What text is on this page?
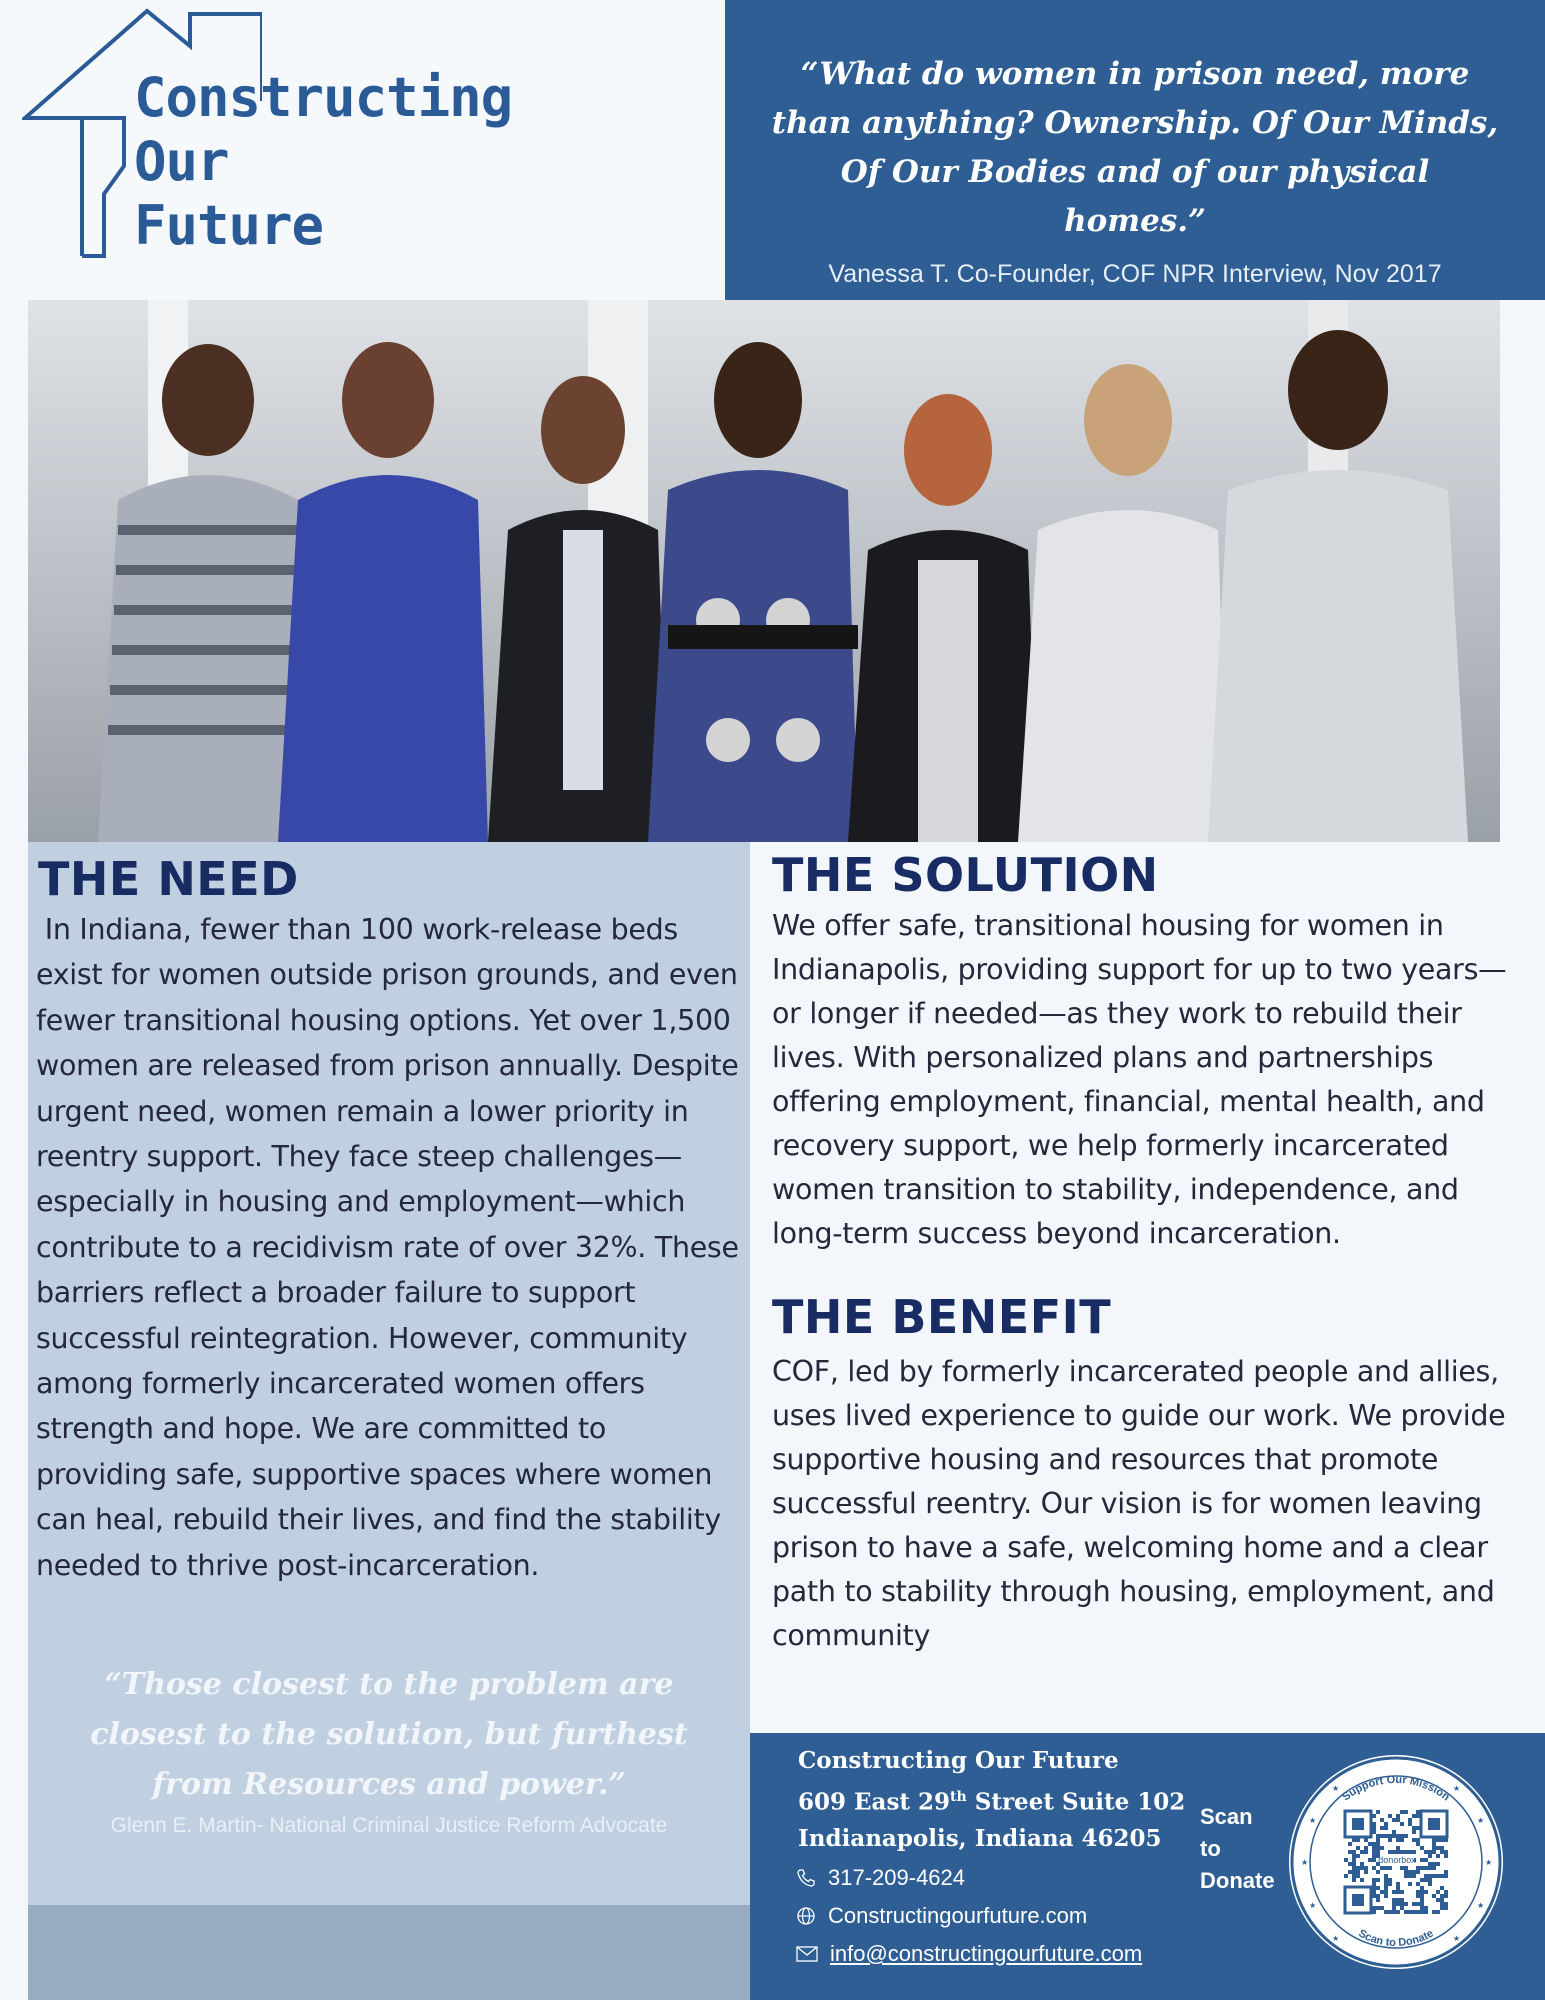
Constructing
Our
Future
“What do women in prison need, more than anything? Ownership. Of Our Minds, Of Our Bodies and of our physical homes.”
Vanessa T. Co-Founder, COF NPR Interview, Nov 2017
THE NEED
In Indiana, fewer than 100 work-release beds exist for women outside prison grounds, and even fewer transitional housing options. Yet over 1,500 women are released from prison annually. Despite urgent need, women remain a lower priority in reentry support. They face steep challenges—especially in housing and employment—which contribute to a recidivism rate of over 32%. These barriers reflect a broader failure to support successful reintegration. However, community among formerly incarcerated women offers strength and hope. We are committed to providing safe, supportive spaces where women can heal, rebuild their lives, and find the stability needed to thrive post-incarceration.
“Those closest to the problem are closest to the solution, but furthest from Resources and power.”
Glenn E. Martin- National Criminal Justice Reform Advocate
THE SOLUTION
We offer safe, transitional housing for women in Indianapolis, providing support for up to two years—or longer if needed—as they work to rebuild their lives. With personalized plans and partnerships offering employment, financial, mental health, and recovery support, we help formerly incarcerated women transition to stability, independence, and long-term success beyond incarceration.
THE BENEFIT
COF, led by formerly incarcerated people and allies, uses lived experience to guide our work. We provide supportive housing and resources that promote successful reentry. Our vision is for women leaving prison to have a safe, welcoming home and a clear path to stability through housing, employment, and community
Constructing Our Future
609 East 29th Street Suite 102
Indianapolis, Indiana 46205
317-209-4624
Constructingourfuture.com
info@constructingourfuture.com
Scan
to
Donate
★	★
★	★
★	★
★	★
★	★
Support Our Mission
Scan to Donate
donorbox
